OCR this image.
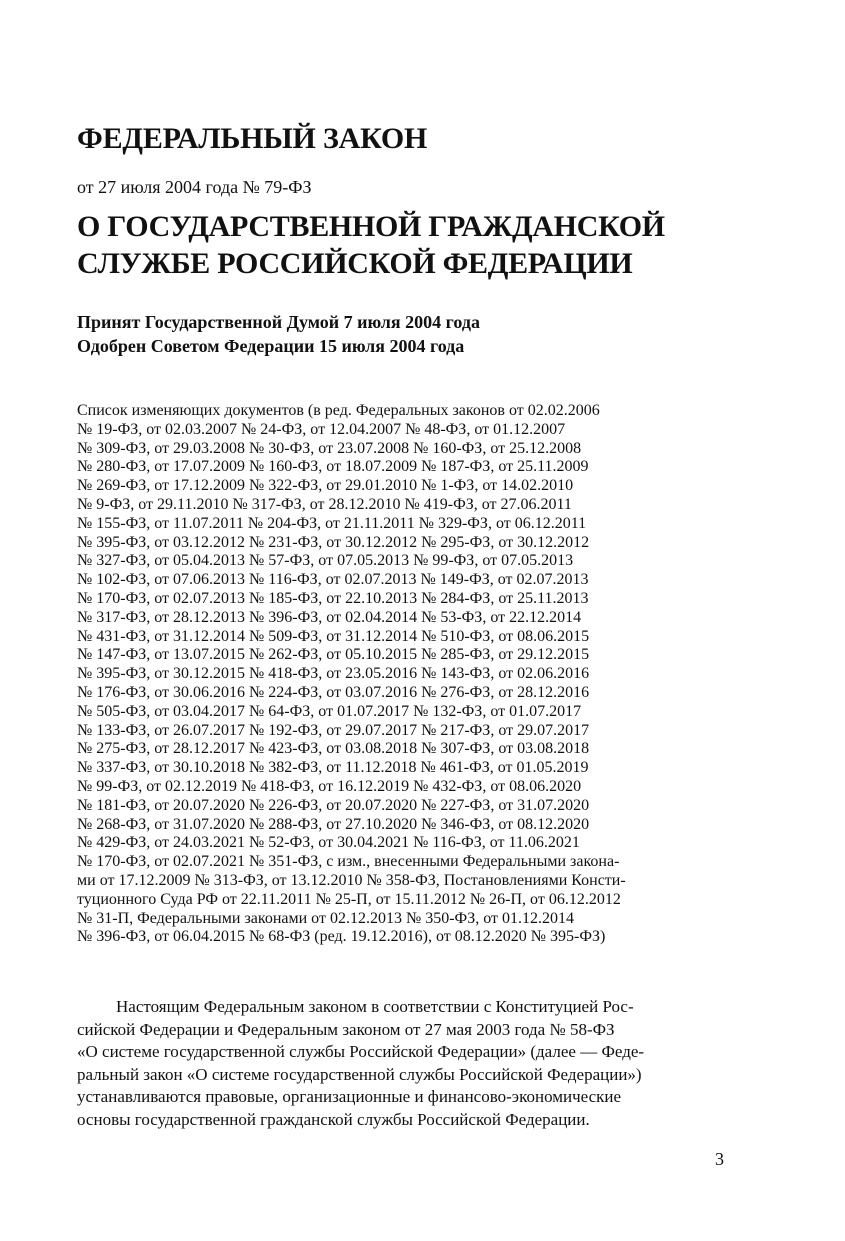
ФЕДЕРАЛЬНЫЙ ЗАКОН

от 27 июля 2004 года № 79-ФЗ

О ГОСУДАРСТВЕННОЙ ГРАЖДАНСКОЙ
СЛУЖБЕ РОССИЙСКОЙ ФЕДЕРАЦИИ

Принят Государственной Думой 7 июля 2004 года
Одобрен Советом Федерации 15 июля 2004 года

Список изменяющих документов (в ред. Федеральных законов от 02.02.2006
№ 19-ФЗ, от 02.03.2007 № 24-ФЗ, от 12.04.2007 № 48-ФЗ, от 01.12.2007
№ 309-ФЗ, от 29.03.2008 № 30-ФЗ, от 23.07.2008 № 160-ФЗ, от 25.12.2008
№ 280-ФЗ, от 17.07.2009 № 160-ФЗ, от 18.07.2009 № 187-ФЗ, от 25.11.2009
№ 269-ФЗ, от 17.12.2009 № 322-ФЗ, от 29.01.2010 № 1-ФЗ, от 14.02.2010
№ 9-ФЗ, от 29.11.2010 № 317-ФЗ, от 28.12.2010 № 419-ФЗ, от 27.06.2011
№ 155-ФЗ, от 11.07.2011 № 204-ФЗ, от 21.11.2011 № 329-ФЗ, от 06.12.2011
№ 395-ФЗ, от 03.12.2012 № 231-ФЗ, от 30.12.2012 № 295-ФЗ, от 30.12.2012
№ 327-ФЗ, от 05.04.2013 № 57-ФЗ, от 07.05.2013 № 99-ФЗ, от 07.05.2013
№ 102-ФЗ, от 07.06.2013 № 116-ФЗ, от 02.07.2013 № 149-ФЗ, от 02.07.2013
№ 170-ФЗ, от 02.07.2013 № 185-ФЗ, от 22.10.2013 № 284-ФЗ, от 25.11.2013
№ 317-ФЗ, от 28.12.2013 № 396-ФЗ, от 02.04.2014 № 53-ФЗ, от 22.12.2014
№ 431-ФЗ, от 31.12.2014 № 509-ФЗ, от 31.12.2014 № 510-ФЗ, от 08.06.2015
№ 147-ФЗ, от 13.07.2015 № 262-ФЗ, от 05.10.2015 № 285-ФЗ, от 29.12.2015
№ 395-ФЗ, от 30.12.2015 № 418-ФЗ, от 23.05.2016 № 143-ФЗ, от 02.06.2016
№ 176-ФЗ, от 30.06.2016 № 224-ФЗ, от 03.07.2016 № 276-ФЗ, от 28.12.2016
№ 505-ФЗ, от 03.04.2017 № 64-ФЗ, от 01.07.2017 № 132-ФЗ, от 01.07.2017
№ 133-ФЗ, от 26.07.2017 № 192-ФЗ, от 29.07.2017 № 217-ФЗ, от 29.07.2017
№ 275-ФЗ, от 28.12.2017 № 423-ФЗ, от 03.08.2018 № 307-ФЗ, от 03.08.2018
№ 337-ФЗ, от 30.10.2018 № 382-ФЗ, от 11.12.2018 № 461-ФЗ, от 01.05.2019
№ 99-ФЗ, от 02.12.2019 № 418-ФЗ, от 16.12.2019 № 432-ФЗ, от 08.06.2020
№ 181-ФЗ, от 20.07.2020 № 226-ФЗ, от 20.07.2020 № 227-ФЗ, от 31.07.2020
№ 268-ФЗ, от 31.07.2020 № 288-ФЗ, от 27.10.2020 № 346-ФЗ, от 08.12.2020
№ 429-ФЗ, от 24.03.2021 № 52-ФЗ, от 30.04.2021 № 116-ФЗ, от 11.06.2021
№ 170-ФЗ, от 02.07.2021 № 351-ФЗ, с изм., внесенными Федеральными закона-
ми от 17.12.2009 № 313-ФЗ, от 13.12.2010 № 358-ФЗ, Постановлениями Консти-
туционного Суда РФ от 22.11.2011 № 25-П, от 15.11.2012 № 26-П, от 06.12.2012
№ 31-П, Федеральными законами от 02.12.2013 № 350-ФЗ, от 01.12.2014
№ 396-ФЗ, от 06.04.2015 № 68-ФЗ (ред. 19.12.2016), от 08.12.2020 № 395-ФЗ)

Настоящим Федеральным законом в соответствии с Конституцией Рос-
сийской Федерации и Федеральным законом от 27 мая 2003 года № 58-ФЗ
«О системе государственной службы Российской Федерации» (далее — Феде-
ральный закон «О системе государственной службы Российской Федерации»)
устанавливаются правовые, организационные и финансово-экономические
основы государственной гражданской службы Российской Федерации.

3
